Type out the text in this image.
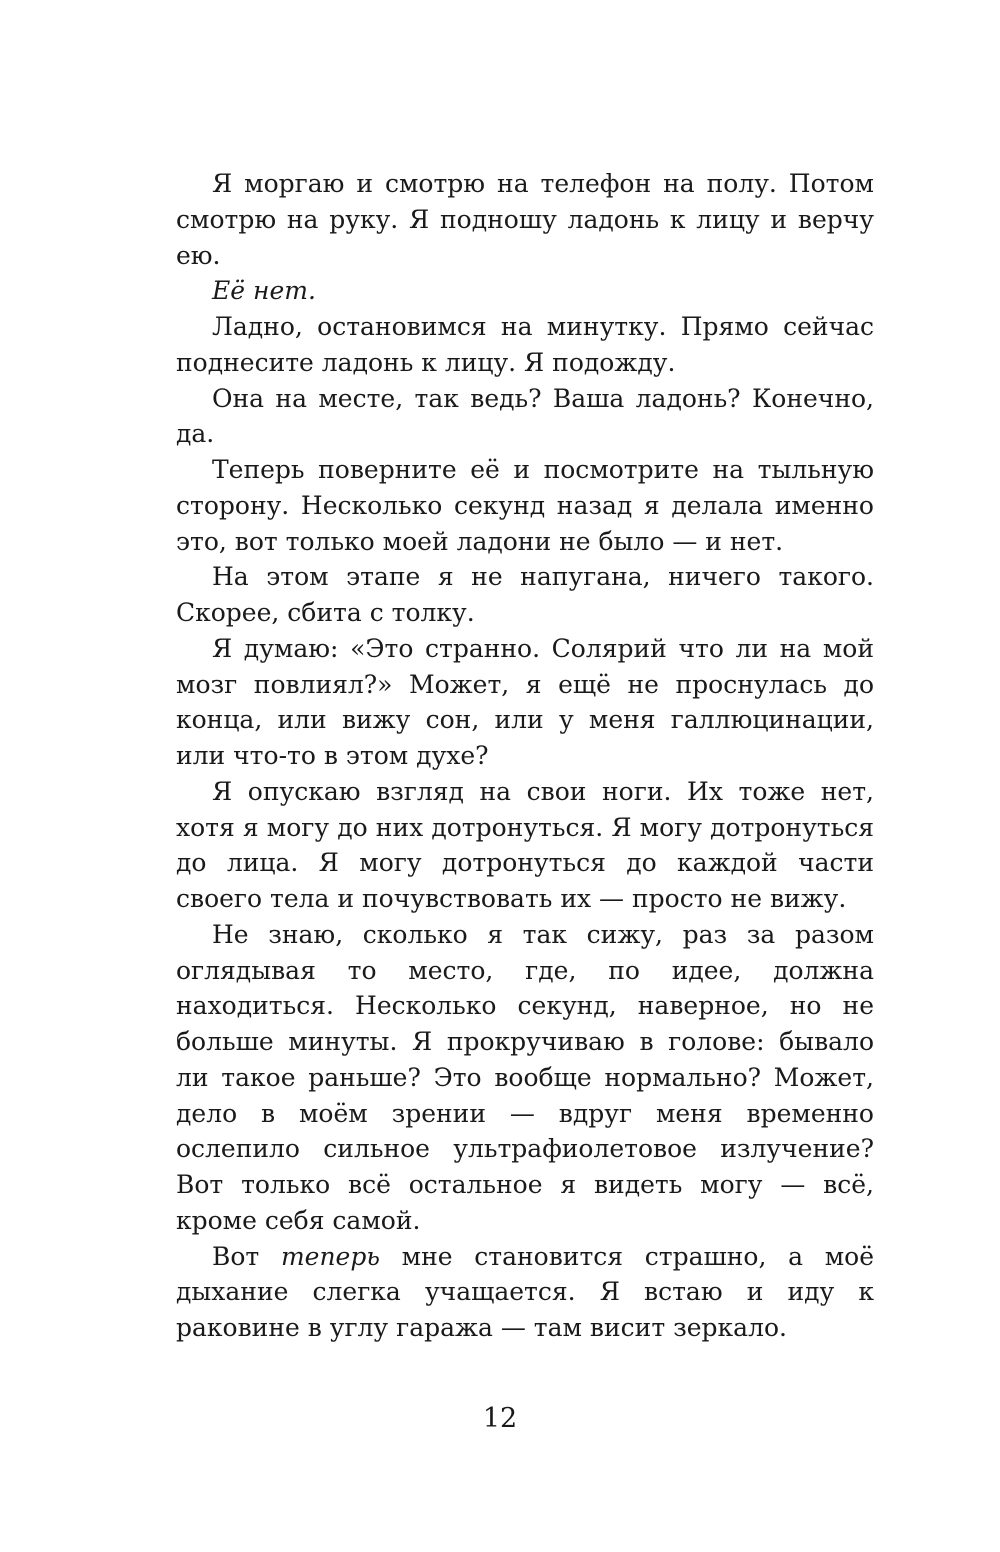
Я моргаю и смотрю на телефон на полу. Потом смотрю на руку. Я подношу ладонь к лицу и верчу ею.

Её нет.

Ладно, остановимся на минутку. Прямо сейчас поднесите ладонь к лицу. Я подожду.

Она на месте, так ведь? Ваша ладонь? Конечно, да.

Теперь поверните её и посмотрите на тыльную сторону. Несколько секунд назад я делала именно это, вот только моей ладони не было — и нет.

На этом этапе я не напугана, ничего такого. Скорее, сбита с толку.

Я думаю: «Это странно. Солярий что ли на мой мозг повлиял?» Может, я ещё не проснулась до конца, или вижу сон, или у меня галлюцинации, или что-то в этом духе?

Я опускаю взгляд на свои ноги. Их тоже нет, хотя я могу до них дотронуться. Я могу дотронуться до лица. Я могу дотронуться до каждой части своего тела и почувствовать их — просто не вижу.

Не знаю, сколько я так сижу, раз за разом оглядывая то место, где, по идее, должна находиться. Несколько секунд, наверное, но не больше минуты. Я прокручиваю в голове: бывало ли такое раньше? Это вообще нормально? Может, дело в моём зрении — вдруг меня временно ослепило сильное ультрафиолетовое излучение? Вот только всё остальное я видеть могу — всё, кроме себя самой.

Вот теперь мне становится страшно, а моё дыхание слегка учащается. Я встаю и иду к раковине в углу гаража — там висит зеркало.

12
